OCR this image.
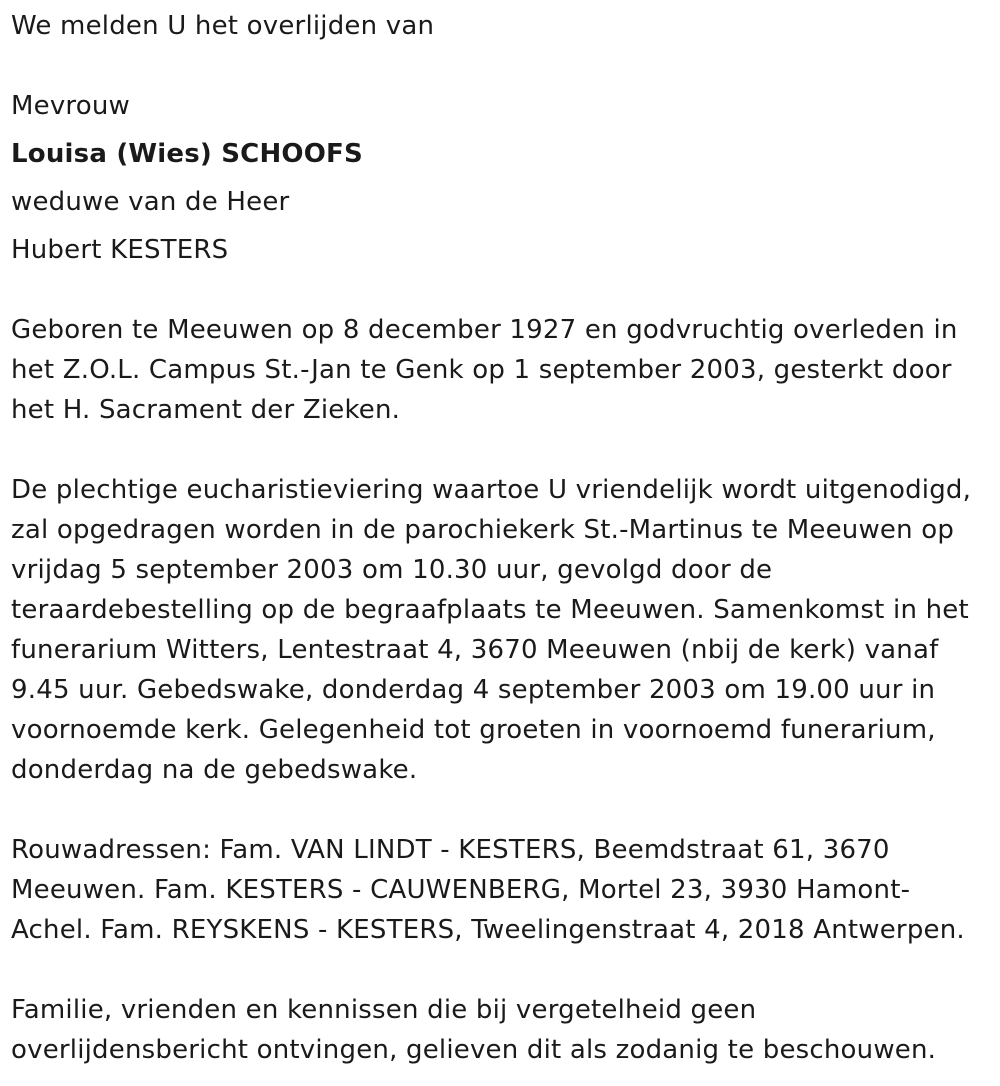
We melden U het overlijden van
Mevrouw
Louisa (Wies) SCHOOFS
weduwe van de Heer
Hubert KESTERS
Geboren te Meeuwen op 8 december 1927 en godvruchtig overleden in
het Z.O.L. Campus St.-Jan te Genk op 1 september 2003, gesterkt door
het H. Sacrament der Zieken.
De plechtige eucharistieviering waartoe U vriendelijk wordt uitgenodigd,
zal opgedragen worden in de parochiekerk St.-Martinus te Meeuwen op
vrijdag 5 september 2003 om 10.30 uur, gevolgd door de
teraardebestelling op de begraafplaats te Meeuwen. Samenkomst in het
funerarium Witters, Lentestraat 4, 3670 Meeuwen (nbij de kerk) vanaf
9.45 uur. Gebedswake, donderdag 4 september 2003 om 19.00 uur in
voornoemde kerk. Gelegenheid tot groeten in voornoemd funerarium,
donderdag na de gebedswake.
Rouwadressen: Fam. VAN LINDT - KESTERS, Beemdstraat 61, 3670
Meeuwen. Fam. KESTERS - CAUWENBERG, Mortel 23, 3930 Hamont-
Achel. Fam. REYSKENS - KESTERS, Tweelingenstraat 4, 2018 Antwerpen.
Familie, vrienden en kennissen die bij vergetelheid geen
overlijdensbericht ontvingen, gelieven dit als zodanig te beschouwen.
